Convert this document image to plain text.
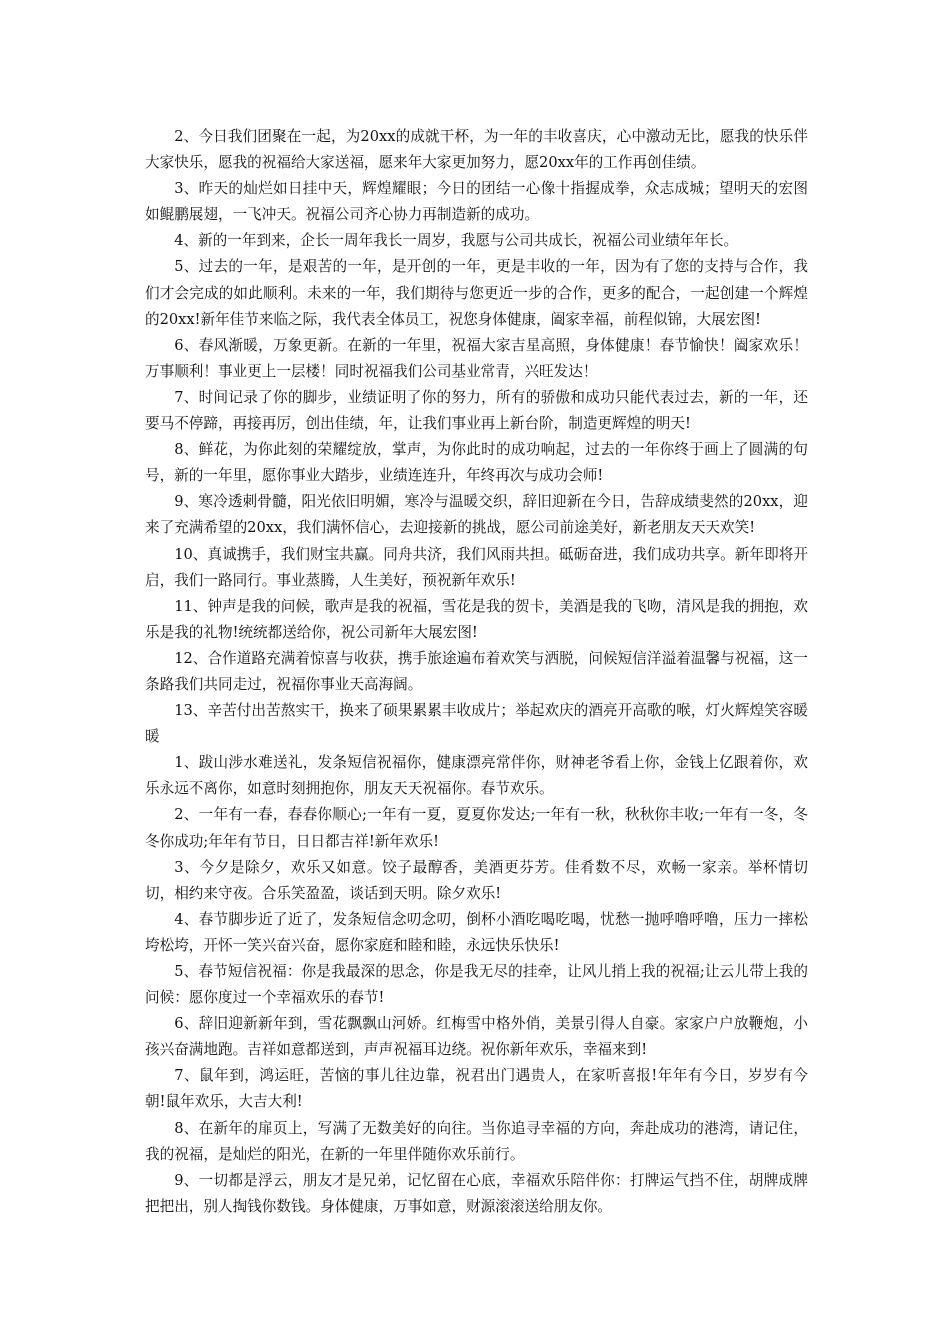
2、今日我们团聚在一起，为20xx的成就干杯，为一年的丰收喜庆，心中激动无比，愿我的快乐伴大家快乐，愿我的祝福给大家送福，愿来年大家更加努力，愿20xx年的工作再创佳绩。

3、昨天的灿烂如日挂中天，辉煌耀眼；今日的团结一心像十指握成拳，众志成城；望明天的宏图如鲲鹏展翅，一飞冲天。祝福公司齐心协力再制造新的成功。

4、新的一年到来，企长一周年我长一周岁，我愿与公司共成长，祝福公司业绩年年长。

5、过去的一年，是艰苦的一年，是开创的一年，更是丰收的一年，因为有了您的支持与合作，我们才会完成的如此顺利。未来的一年，我们期待与您更近一步的合作，更多的配合，一起创建一个辉煌的20xx!新年佳节来临之际，我代表全体员工，祝您身体健康，阖家幸福，前程似锦，大展宏图!

6、春风渐暖，万象更新。在新的一年里，祝福大家吉星高照，身体健康！春节愉快！阖家欢乐！万事顺利！事业更上一层楼！同时祝福我们公司基业常青，兴旺发达！

7、时间记录了你的脚步，业绩证明了你的努力，所有的骄傲和成功只能代表过去，新的一年，还要马不停蹄，再接再厉，创出佳绩，年，让我们事业再上新台阶，制造更辉煌的明天!

8、鲜花，为你此刻的荣耀绽放，掌声，为你此时的成功响起，过去的一年你终于画上了圆满的句号，新的一年里，愿你事业大踏步，业绩连连升，年终再次与成功会师!

9、寒冷透刺骨髓，阳光依旧明媚，寒冷与温暖交织，辞旧迎新在今日，告辞成绩斐然的20xx，迎来了充满希望的20xx，我们满怀信心，去迎接新的挑战，愿公司前途美好，新老朋友天天欢笑!

10、真诚携手，我们财宝共赢。同舟共济，我们风雨共担。砥砺奋进，我们成功共享。新年即将开启，我们一路同行。事业蒸腾，人生美好，预祝新年欢乐!

11、钟声是我的问候，歌声是我的祝福，雪花是我的贺卡，美酒是我的飞吻，清风是我的拥抱，欢乐是我的礼物!统统都送给你，祝公司新年大展宏图!

12、合作道路充满着惊喜与收获，携手旅途遍布着欢笑与洒脱，问候短信洋溢着温馨与祝福，这一条路我们共同走过，祝福你事业天高海阔。

13、辛苦付出苦熬实干，换来了硕果累累丰收成片；举起欢庆的酒亮开高歌的喉，灯火辉煌笑容暖暖

1、跋山涉水难送礼，发条短信祝福你，健康漂亮常伴你，财神老爷看上你，金钱上亿跟着你，欢乐永远不离你，如意时刻拥抱你，朋友天天祝福你。春节欢乐。

2、一年有一春，春春你顺心;一年有一夏，夏夏你发达;一年有一秋，秋秋你丰收;一年有一冬，冬冬你成功;年年有节日，日日都吉祥!新年欢乐!

3、今夕是除夕，欢乐又如意。饺子最醇香，美酒更芬芳。佳肴数不尽，欢畅一家亲。举杯情切切，相约来守夜。合乐笑盈盈，谈话到天明。除夕欢乐!

4、春节脚步近了近了，发条短信念叨念叨，倒杯小酒吃喝吃喝，忧愁一抛呼噜呼噜，压力一摔松垮松垮，开怀一笑兴奋兴奋，愿你家庭和睦和睦，永远快乐快乐!

5、春节短信祝福：你是我最深的思念，你是我无尽的挂牵，让风儿捎上我的祝福;让云儿带上我的问候：愿你度过一个幸福欢乐的春节!

6、辞旧迎新新年到，雪花飘飘山河娇。红梅雪中格外俏，美景引得人自豪。家家户户放鞭炮，小孩兴奋满地跑。吉祥如意都送到，声声祝福耳边绕。祝你新年欢乐，幸福来到!

7、鼠年到，鸿运旺，苦恼的事儿往边靠，祝君出门遇贵人，在家听喜报!年年有今日，岁岁有今朝!鼠年欢乐，大吉大利!

8、在新年的扉页上，写满了无数美好的向往。当你追寻幸福的方向，奔赴成功的港湾，请记住，我的祝福，是灿烂的阳光，在新的一年里伴随你欢乐前行。

9、一切都是浮云，朋友才是兄弟，记忆留在心底，幸福欢乐陪伴你：打牌运气挡不住，胡牌成牌把把出，别人掏钱你数钱。身体健康，万事如意，财源滚滚送给朋友你。
